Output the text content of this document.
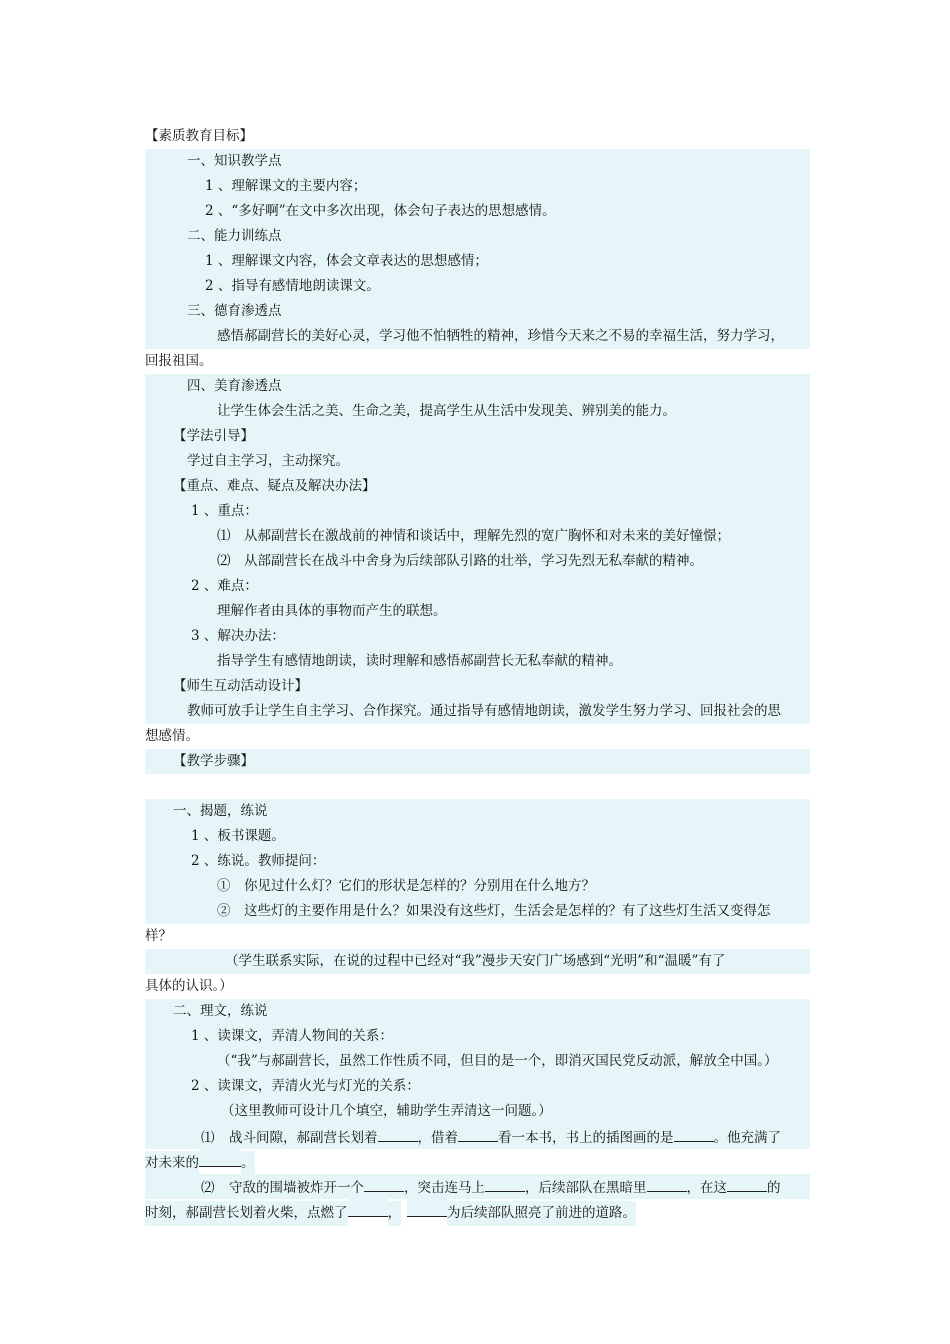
【素质教育目标】
一、知识教学点
1 、理解课文的主要内容；
2 、“多好啊”在文中多次出现，体会句子表达的思想感情。
二、能力训练点
1 、理解课文内容，体会文章表达的思想感情；
2 、指导有感情地朗读课文。
三、德育渗透点
感悟郝副营长的美好心灵，学习他不怕牺牲的精神，珍惜今天来之不易的幸福生活，努力学习，
回报祖国。
四、美育渗透点
让学生体会生活之美、生命之美，提高学生从生活中发现美、辨别美的能力。
【学法引导】
学过自主学习，主动探究。
【重点、难点、疑点及解决办法】
1 、重点：
⑴　从郝副营长在激战前的神情和谈话中，理解先烈的宽广胸怀和对未来的美好憧憬；
⑵　从部副营长在战斗中舍身为后续部队引路的壮举，学习先烈无私奉献的精神。
2 、难点：
理解作者由具体的事物而产生的联想。
3 、解决办法：
指导学生有感情地朗读，读时理解和感悟郝副营长无私奉献的精神。
【师生互动活动设计】
教师可放手让学生自主学习、合作探究。通过指导有感情地朗读，激发学生努力学习、回报社会的思
想感情。
【教学步骤】
一、揭题，练说
1 、板书课题。
2 、练说。教师提问：
①　你见过什么灯？它们的形状是怎样的？分别用在什么地方？
②　这些灯的主要作用是什么？如果没有这些灯，生活会是怎样的？有了这些灯生活又变得怎
样？
（学生联系实际，在说的过程中已经对“我”漫步天安门广场感到“光明”和“温暖”有了
具体的认识。）
二、理文，练说
1 、读课文，弄清人物间的关系：
（“我”与郝副营长，虽然工作性质不同，但目的是一个，即消灭国民党反动派，解放全中国。）
2 、读课文，弄清火光与灯光的关系：
（这里教师可设计几个填空，辅助学生弄清这一问题。）
⑴ 战斗间隙，郝副营长划着	，借着	看一本书，书上的插图画的是	。他充满了
对未来的	。
⑵ 守敌的围墙被炸开一个	，突击连马上	，后续部队在黑暗里	，在这	的
时刻，郝副营长划着火柴，点燃了	，	为后续部队照亮了前进的道路。
